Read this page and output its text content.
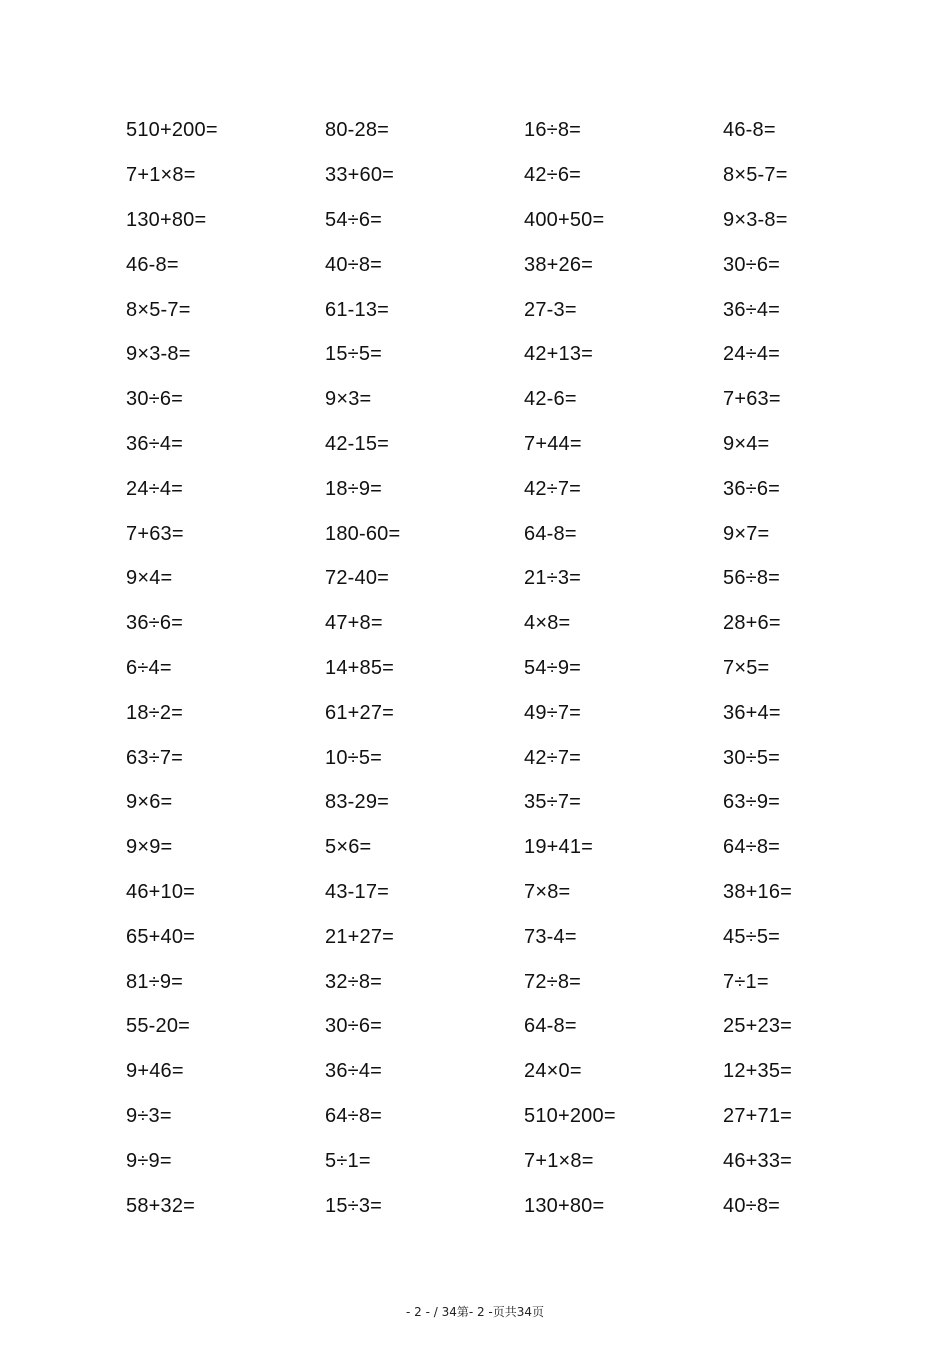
510+200=	80-28=	16÷8=	46-8=
7+1×8=	33+60=	42÷6=	8×5-7=
130+80=	54÷6=	400+50=	9×3-8=
46-8=	40÷8=	38+26=	30÷6=
8×5-7=	61-13=	27-3=	36÷4=
9×3-8=	15÷5=	42+13=	24÷4=
30÷6=	9×3=	42-6=	7+63=
36÷4=	42-15=	7+44=	9×4=
24÷4=	18÷9=	42÷7=	36÷6=
7+63=	180-60=	64-8=	9×7=
9×4=	72-40=	21÷3=	56÷8=
36÷6=	47+8=	4×8=	28+6=
6÷4=	14+85=	54÷9=	7×5=
18÷2=	61+27=	49÷7=	36+4=
63÷7=	10÷5=	42÷7=	30÷5=
9×6=	83-29=	35÷7=	63÷9=
9×9=	5×6=	19+41=	64÷8=
46+10=	43-17=	7×8=	38+16=
65+40=	21+27=	73-4=	45÷5=
81÷9=	32÷8=	72÷8=	7÷1=
55-20=	30÷6=	64-8=	25+23=
9+46=	36÷4=	24×0=	12+35=
9÷3=	64÷8=	510+200=	27+71=
9÷9=	5÷1=	7+1×8=	46+33=
58+32=	15÷3=	130+80=	40÷8=
- 2 - / 34第- 2 -页共34页
